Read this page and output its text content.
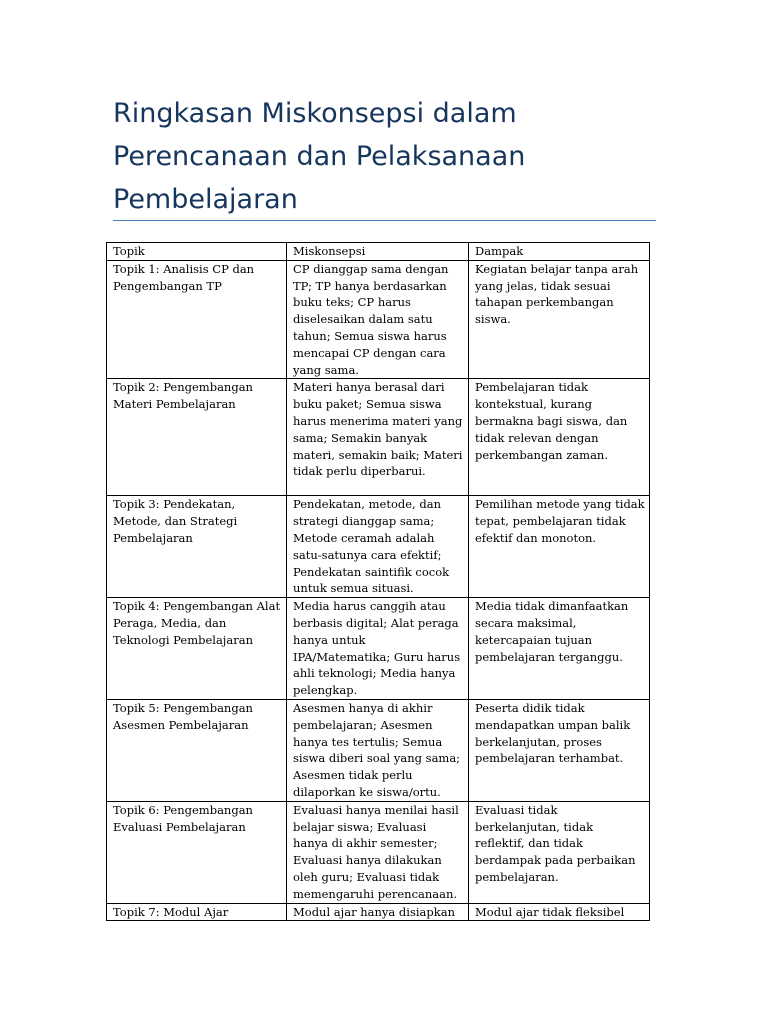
Ringkasan Miskonsepsi dalam Perencanaan dan Pelaksanaan Pembelajaran
Topik	Miskonsepsi	Dampak
Topik 1: Analisis CP dan Pengembangan TP	CP dianggap sama dengan TP; TP hanya berdasarkan buku teks; CP harus diselesaikan dalam satu tahun; Semua siswa harus mencapai CP dengan cara yang sama.	Kegiatan belajar tanpa arah yang jelas, tidak sesuai tahapan perkembangan siswa.
Topik 2: Pengembangan Materi Pembelajaran	Materi hanya berasal dari buku paket; Semua siswa harus menerima materi yang sama; Semakin banyak materi, semakin baik; Materi tidak perlu diperbarui.	Pembelajaran tidak kontekstual, kurang bermakna bagi siswa, dan tidak relevan dengan perkembangan zaman.
Topik 3: Pendekatan, Metode, dan Strategi Pembelajaran	Pendekatan, metode, dan strategi dianggap sama; Metode ceramah adalah satu-satunya cara efektif; Pendekatan saintifik cocok untuk semua situasi.	Pemilihan metode yang tidak tepat, pembelajaran tidak efektif dan monoton.
Topik 4: Pengembangan Alat Peraga, Media, dan Teknologi Pembelajaran	Media harus canggih atau berbasis digital; Alat peraga hanya untuk IPA/Matematika; Guru harus ahli teknologi; Media hanya pelengkap.	Media tidak dimanfaatkan secara maksimal, ketercapaian tujuan pembelajaran terganggu.
Topik 5: Pengembangan Asesmen Pembelajaran	Asesmen hanya di akhir pembelajaran; Asesmen hanya tes tertulis; Semua siswa diberi soal yang sama; Asesmen tidak perlu dilaporkan ke siswa/ortu.	Peserta didik tidak mendapatkan umpan balik berkelanjutan, proses pembelajaran terhambat.
Topik 6: Pengembangan Evaluasi Pembelajaran	Evaluasi hanya menilai hasil belajar siswa; Evaluasi hanya di akhir semester; Evaluasi hanya dilakukan oleh guru; Evaluasi tidak memengaruhi perencanaan.	Evaluasi tidak berkelanjutan, tidak reflektif, dan tidak berdampak pada perbaikan pembelajaran.
Topik 7: Modul Ajar	Modul ajar hanya disiapkan	Modul ajar tidak fleksibel
